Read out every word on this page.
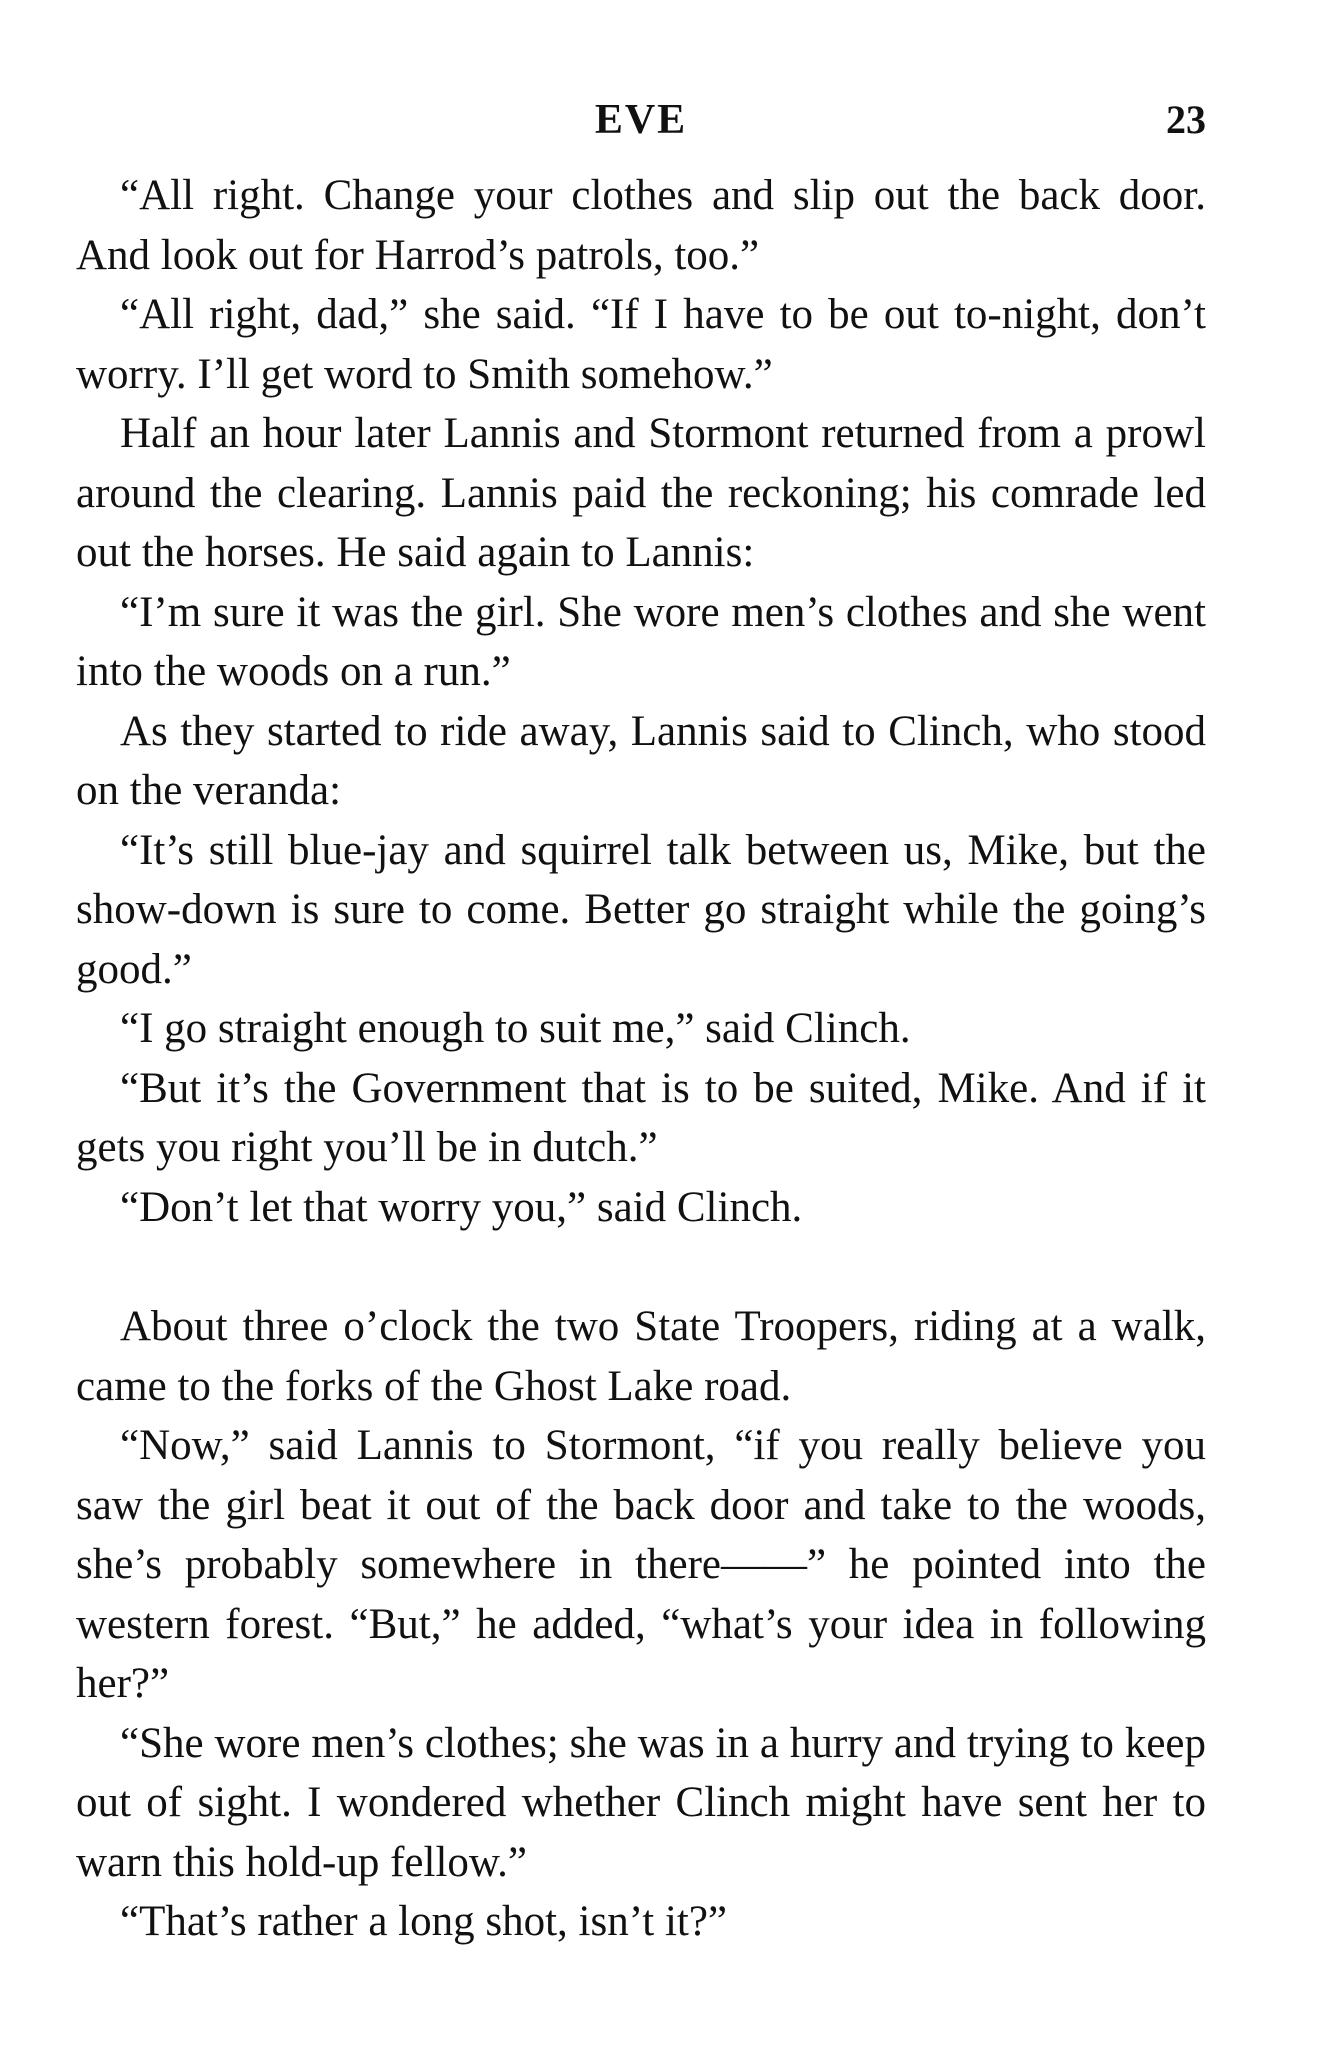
EVE	23

“All right. Change your clothes and slip out the back door. And look out for Harrod’s patrols, too.”

“All right, dad,” she said. “If I have to be out to-night, don’t worry. I’ll get word to Smith somehow.”

Half an hour later Lannis and Stormont returned from a prowl around the clearing. Lannis paid the reckoning; his comrade led out the horses. He said again to Lannis:

“I’m sure it was the girl. She wore men’s clothes and she went into the woods on a run.”

As they started to ride away, Lannis said to Clinch, who stood on the veranda:

“It’s still blue-jay and squirrel talk between us, Mike, but the show-down is sure to come. Better go straight while the going’s good.”

“I go straight enough to suit me,” said Clinch.

“But it’s the Government that is to be suited, Mike. And if it gets you right you’ll be in dutch.”

“Don’t let that worry you,” said Clinch.

About three o’clock the two State Troopers, riding at a walk, came to the forks of the Ghost Lake road.

“Now,” said Lannis to Stormont, “if you really believe you saw the girl beat it out of the back door and take to the woods, she’s probably somewhere in there——” he pointed into the western forest. “But,” he added, “what’s your idea in following her?”

“She wore men’s clothes; she was in a hurry and trying to keep out of sight. I wondered whether Clinch might have sent her to warn this hold-up fellow.”

“That’s rather a long shot, isn’t it?”
